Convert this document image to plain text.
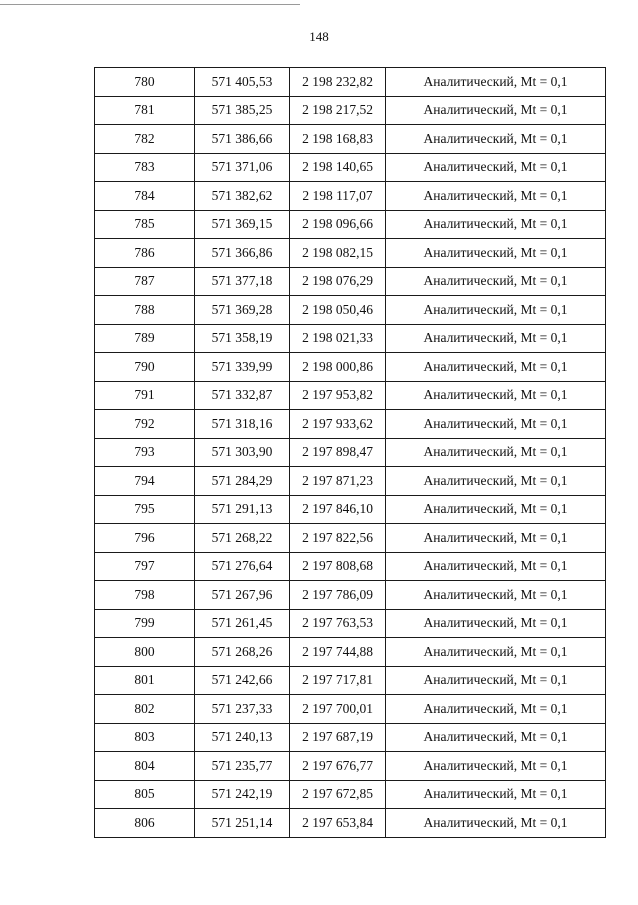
148
780	571 405,53	2 198 232,82	Аналитический, Mt = 0,1
781	571 385,25	2 198 217,52	Аналитический, Mt = 0,1
782	571 386,66	2 198 168,83	Аналитический, Mt = 0,1
783	571 371,06	2 198 140,65	Аналитический, Mt = 0,1
784	571 382,62	2 198 117,07	Аналитический, Mt = 0,1
785	571 369,15	2 198 096,66	Аналитический, Mt = 0,1
786	571 366,86	2 198 082,15	Аналитический, Mt = 0,1
787	571 377,18	2 198 076,29	Аналитический, Mt = 0,1
788	571 369,28	2 198 050,46	Аналитический, Mt = 0,1
789	571 358,19	2 198 021,33	Аналитический, Mt = 0,1
790	571 339,99	2 198 000,86	Аналитический, Mt = 0,1
791	571 332,87	2 197 953,82	Аналитический, Mt = 0,1
792	571 318,16	2 197 933,62	Аналитический, Mt = 0,1
793	571 303,90	2 197 898,47	Аналитический, Mt = 0,1
794	571 284,29	2 197 871,23	Аналитический, Mt = 0,1
795	571 291,13	2 197 846,10	Аналитический, Mt = 0,1
796	571 268,22	2 197 822,56	Аналитический, Mt = 0,1
797	571 276,64	2 197 808,68	Аналитический, Mt = 0,1
798	571 267,96	2 197 786,09	Аналитический, Mt = 0,1
799	571 261,45	2 197 763,53	Аналитический, Mt = 0,1
800	571 268,26	2 197 744,88	Аналитический, Mt = 0,1
801	571 242,66	2 197 717,81	Аналитический, Mt = 0,1
802	571 237,33	2 197 700,01	Аналитический, Mt = 0,1
803	571 240,13	2 197 687,19	Аналитический, Mt = 0,1
804	571 235,77	2 197 676,77	Аналитический, Mt = 0,1
805	571 242,19	2 197 672,85	Аналитический, Mt = 0,1
806	571 251,14	2 197 653,84	Аналитический, Mt = 0,1
